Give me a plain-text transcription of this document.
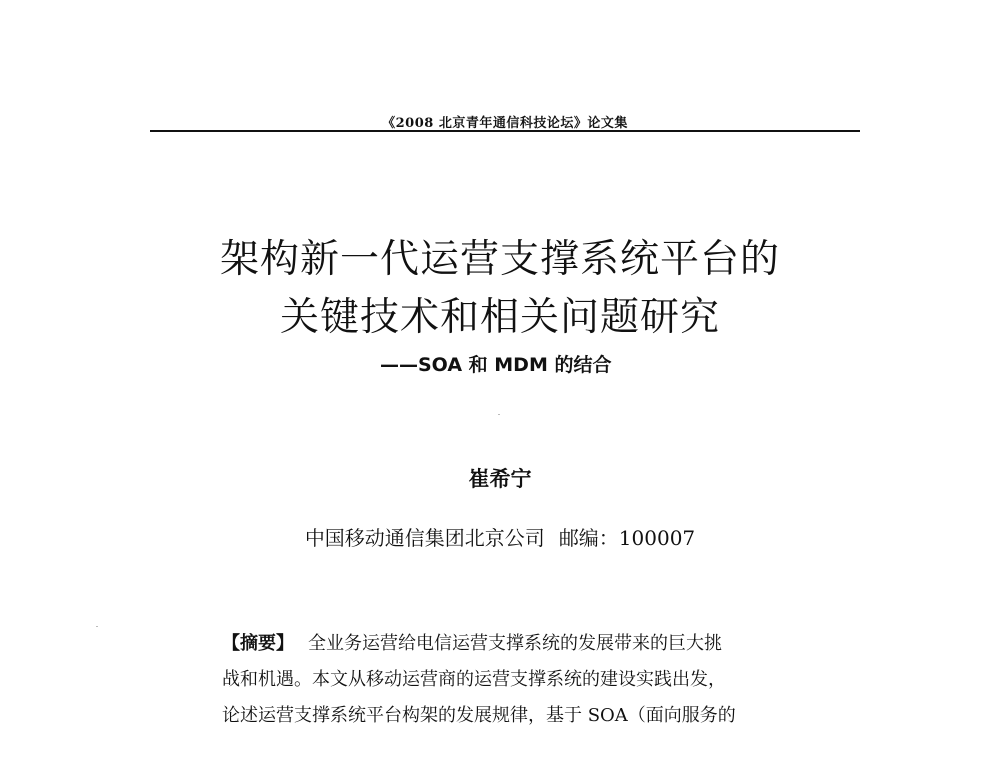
《2008 北京青年通信科技论坛》论文集
架构新一代运营支撑系统平台的
关键技术和相关问题研究
——SOA 和 MDM 的结合
崔希宁
中国移动通信集团北京公司 邮编：100007
【摘要】 全业务运营给电信运营支撑系统的发展带来的巨大挑
战和机遇。本文从移动运营商的运营支撑系统的建设实践出发，
论述运营支撑系统平台构架的发展规律，基于 SOA（面向服务的
